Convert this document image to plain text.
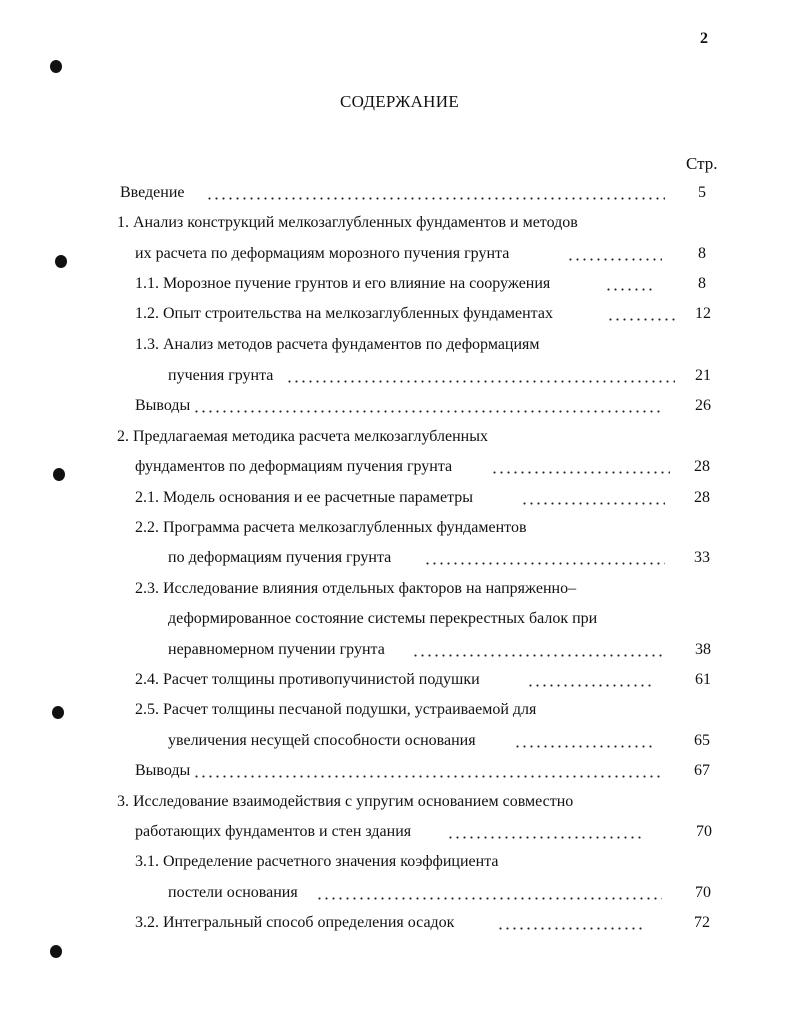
2
СОДЕРЖАНИЕ
Стр.
Введение	5
1. Анализ конструкций мелкозаглубленных фундаментов и методов
их расчета по деформациям морозного пучения грунта	8
1.1. Морозное пучение грунтов и его влияние на сооружения	8
1.2. Опыт строительства на мелкозаглубленных фундаментах	12
1.3. Анализ методов расчета фундаментов по деформациям
пучения грунта	21
Выводы	26
2. Предлагаемая методика расчета мелкозаглубленных
фундаментов по деформациям пучения грунта	28
2.1. Модель основания и ее расчетные параметры	28
2.2. Программа расчета мелкозаглубленных фундаментов
по деформациям пучения грунта	33
2.3. Исследование влияния отдельных факторов на напряженно–
деформированное состояние системы перекрестных балок при
неравномерном пучении грунта	38
2.4. Расчет толщины противопучинистой подушки	61
2.5. Расчет толщины песчаной подушки, устраиваемой для
увеличения несущей способности основания	65
Выводы	67
3. Исследование взаимодействия с упругим основанием совместно
работающих фундаментов и стен здания	70
3.1. Определение расчетного значения коэффициента
постели основания	70
3.2. Интегральный способ определения осадок	72
